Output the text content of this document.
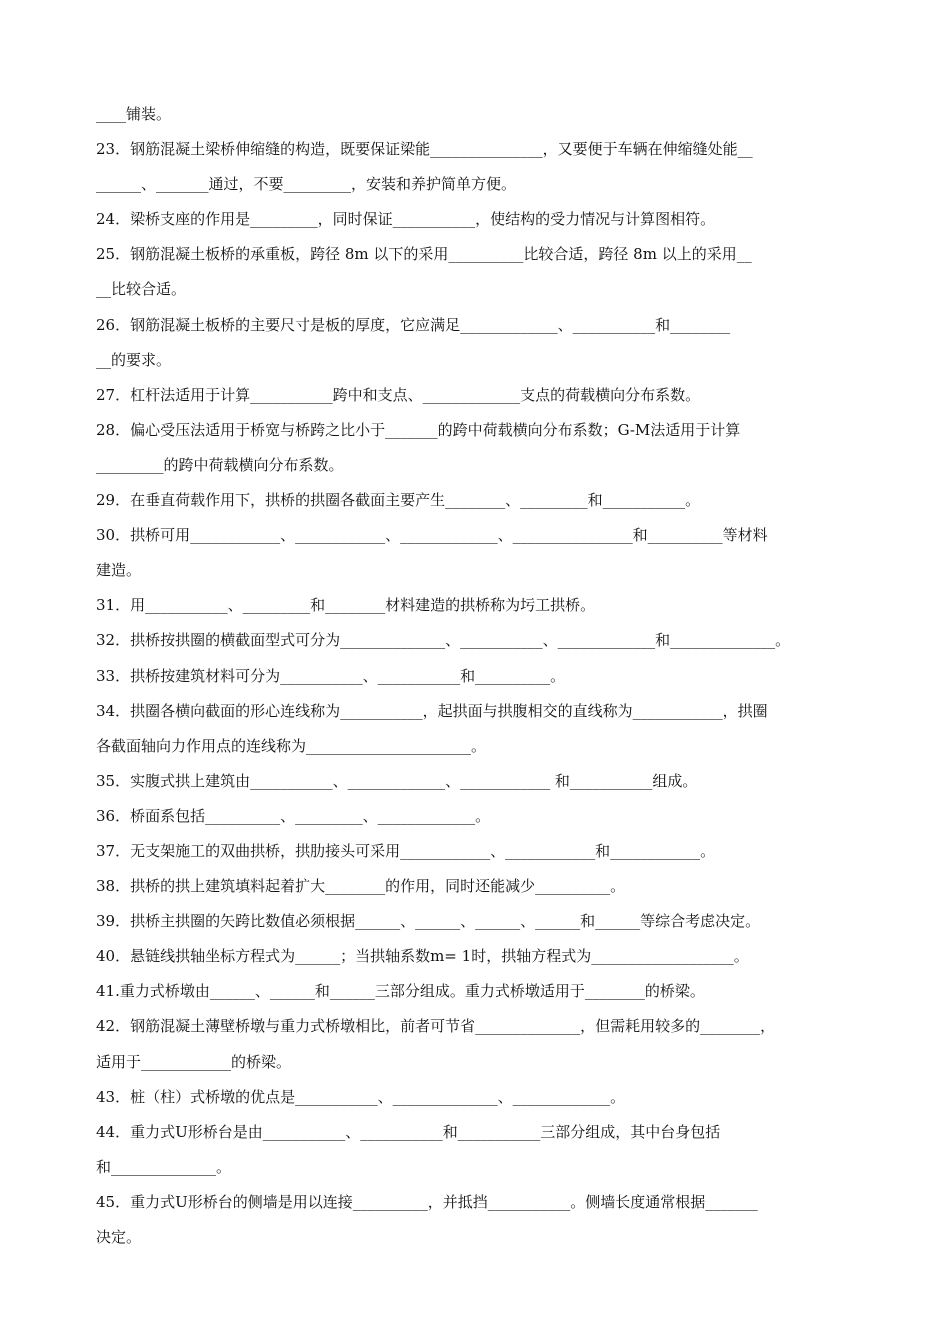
____铺装。
23．钢筋混凝土梁桥伸缩缝的构造，既要保证梁能_______________，又要便于车辆在伸缩缝处能__
______、_______通过，不要_________，安装和养护简单方便。
24．梁桥支座的作用是_________，同时保证___________，使结构的受力情况与计算图相符。
25．钢筋混凝土板桥的承重板，跨径 8m 以下的采用__________比较合适，跨径 8m 以上的采用__
__比较合适。
26．钢筋混凝土板桥的主要尺寸是板的厚度，它应满足_____________、___________和________
__的要求。
27．杠杆法适用于计算___________跨中和支点、_____________支点的荷载横向分布系数。
28．偏心受压法适用于桥宽与桥跨之比小于_______的跨中荷载横向分布系数；G-M法适用于计算
_________的跨中荷载横向分布系数。
29．在垂直荷载作用下，拱桥的拱圈各截面主要产生________、_________和___________。
30．拱桥可用____________、____________、_____________、________________和__________等材料
建造。
31．用___________、_________和________材料建造的拱桥称为圬工拱桥。
32．拱桥按拱圈的横截面型式可分为______________、___________、_____________和______________。
33．拱桥按建筑材料可分为___________、___________和__________。
34．拱圈各横向截面的形心连线称为___________，起拱面与拱腹相交的直线称为____________，拱圈
各截面轴向力作用点的连线称为______________________。
35．实腹式拱上建筑由___________、_____________、____________ 和___________组成。
36．桥面系包括__________、_________、_____________。
37．无支架施工的双曲拱桥，拱肋接头可采用____________、____________和____________。
38．拱桥的拱上建筑填料起着扩大________的作用，同时还能减少__________。
39．拱桥主拱圈的矢跨比数值必须根据______、______、______、______和______等综合考虑决定。
40．悬链线拱轴坐标方程式为______；当拱轴系数m= 1时，拱轴方程式为___________________。
41.重力式桥墩由______、______和______三部分组成。重力式桥墩适用于________的桥梁。
42．钢筋混凝土薄壁桥墩与重力式桥墩相比，前者可节省______________，但需耗用较多的________，
适用于____________的桥梁。
43．桩（柱）式桥墩的优点是___________、______________、_____________。
44．重力式U形桥台是由___________、___________和___________三部分组成，其中台身包括
和______________。
45．重力式U形桥台的侧墙是用以连接__________，并抵挡___________。侧墙长度通常根据_______
决定。
